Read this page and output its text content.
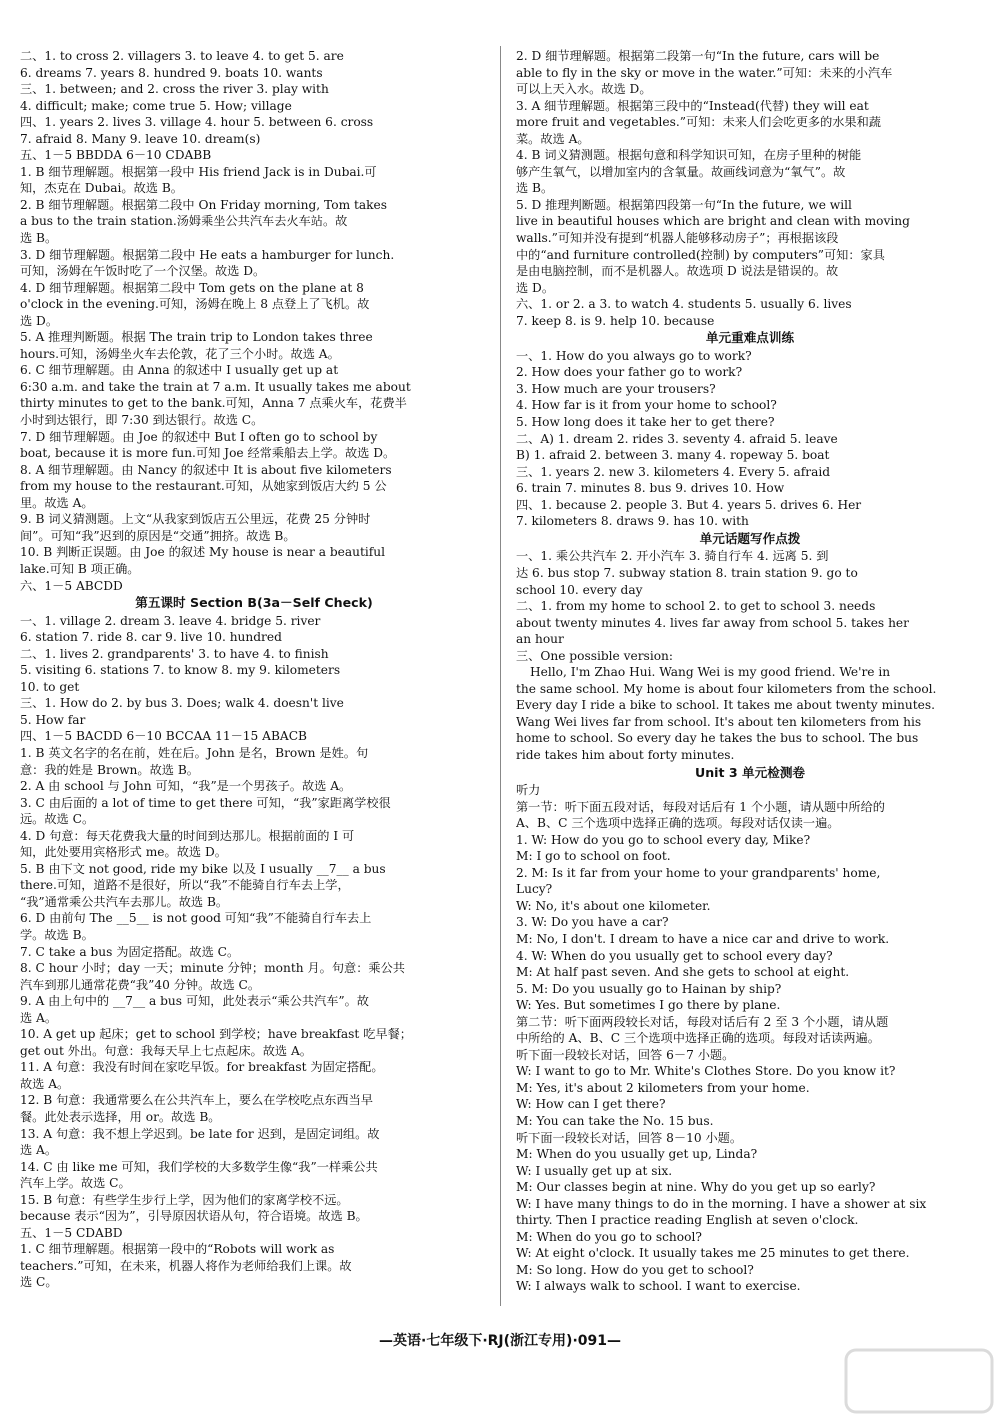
二、1. to cross 2. villagers 3. to leave 4. to get 5. are
6. dreams 7. years 8. hundred 9. boats 10. wants
三、1. between; and 2. cross the river 3. play with
4. difficult; make; come true 5. How; village
四、1. years 2. lives 3. village 4. hour 5. between 6. cross
7. afraid 8. Many 9. leave 10. dream(s)
五、1－5 BBDDA 6－10 CDABB
1. B 细节理解题。根据第一段中 His friend Jack is in Dubai.可
知，杰克在 Dubai。故选 B。
2. B 细节理解题。根据第二段中 On Friday morning, Tom takes
a bus to the train station.汤姆乘坐公共汽车去火车站。故
选 B。
3. D 细节理解题。根据第二段中 He eats a hamburger for lunch.
可知，汤姆在午饭时吃了一个汉堡。故选 D。
4. D 细节理解题。根据第二段中 Tom gets on the plane at 8
o'clock in the evening.可知，汤姆在晚上 8 点登上了飞机。故
选 D。
5. A 推理判断题。根据 The train trip to London takes three
hours.可知，汤姆坐火车去伦敦，花了三个小时。故选 A。
6. C 细节理解题。由 Anna 的叙述中 I usually get up at
6:30 a.m. and take the train at 7 a.m. It usually takes me about
thirty minutes to get to the bank.可知，Anna 7 点乘火车，花费半
小时到达银行，即 7:30 到达银行。故选 C。
7. D 细节理解题。由 Joe 的叙述中 But I often go to school by
boat, because it is more fun.可知 Joe 经常乘船去上学。故选 D。
8. A 细节理解题。由 Nancy 的叙述中 It is about five kilometers
from my house to the restaurant.可知，从她家到饭店大约 5 公
里。故选 A。
9. B 词义猜测题。上文“从我家到饭店五公里远，花费 25 分钟时
间”。可知“我”迟到的原因是“交通”拥挤。故选 B。
10. B 判断正误题。由 Joe 的叙述 My house is near a beautiful
lake.可知 B 项正确。
六、1－5 ABCDD
第五课时 Section B(3a－Self Check)
一、1. village 2. dream 3. leave 4. bridge 5. river
6. station 7. ride 8. car 9. live 10. hundred
二、1. lives 2. grandparents' 3. to have 4. to finish
5. visiting 6. stations 7. to know 8. my 9. kilometers
10. to get
三、1. How do 2. by bus 3. Does; walk 4. doesn't live
5. How far
四、1－5 BACDD 6－10 BCCAA 11－15 ABACB
1. B 英文名字的名在前，姓在后。John 是名，Brown 是姓。句
意：我的姓是 Brown。故选 B。
2. A 由 school 与 John 可知，“我”是一个男孩子。故选 A。
3. C 由后面的 a lot of time to get there 可知，“我”家距离学校很
远。故选 C。
4. D 句意：每天花费我大量的时间到达那儿。根据前面的 I 可
知，此处要用宾格形式 me。故选 D。
5. B 由下文 not good, ride my bike 以及 I usually __7__ a bus
there.可知，道路不是很好，所以“我”不能骑自行车去上学，
“我”通常乘公共汽车去那儿。故选 B。
6. D 由前句 The __5__ is not good 可知“我”不能骑自行车去上
学。故选 B。
7. C take a bus 为固定搭配。故选 C。
8. C hour 小时；day 一天；minute 分钟；month 月。句意：乘公共
汽车到那儿通常花费“我”40 分钟。故选 C。
9. A 由上句中的 __7__ a bus 可知，此处表示“乘公共汽车”。故
选 A。
10. A get up 起床；get to school 到学校；have breakfast 吃早餐；
get out 外出。句意：我每天早上七点起床。故选 A。
11. A 句意：我没有时间在家吃早饭。for breakfast 为固定搭配。
故选 A。
12. B 句意：我通常要么在公共汽车上，要么在学校吃点东西当早
餐。此处表示选择，用 or。故选 B。
13. A 句意：我不想上学迟到。be late for 迟到，是固定词组。故
选 A。
14. C 由 like me 可知，我们学校的大多数学生像“我”一样乘公共
汽车上学。故选 C。
15. B 句意：有些学生步行上学，因为他们的家离学校不远。
because 表示“因为”，引导原因状语从句，符合语境。故选 B。
五、1－5 CDABD
1. C 细节理解题。根据第一段中的“Robots will work as
teachers.”可知，在未来，机器人将作为老师给我们上课。故
选 C。
2. D 细节理解题。根据第二段第一句“In the future, cars will be
able to fly in the sky or move in the water.”可知：未来的小汽车
可以上天入水。故选 D。
3. A 细节理解题。根据第三段中的“Instead(代替) they will eat
more fruit and vegetables.”可知：未来人们会吃更多的水果和蔬
菜。故选 A。
4. B 词义猜测题。根据句意和科学知识可知，在房子里种的树能
够产生氧气，以增加室内的含氧量。故画线词意为“氧气”。故
选 B。
5. D 推理判断题。根据第四段第一句“In the future, we will
live in beautiful houses which are bright and clean with moving
walls.”可知并没有提到“机器人能够移动房子”；再根据该段
中的“and furniture controlled(控制) by computers”可知：家具
是由电脑控制，而不是机器人。故选项 D 说法是错误的。故
选 D。
六、1. or 2. a 3. to watch 4. students 5. usually 6. lives
7. keep 8. is 9. help 10. because
单元重难点训练
一、1. How do you always go to work?
2. How does your father go to work?
3. How much are your trousers?
4. How far is it from your home to school?
5. How long does it take her to get there?
二、A) 1. dream 2. rides 3. seventy 4. afraid 5. leave
B) 1. afraid 2. between 3. many 4. ropeway 5. boat
三、1. years 2. new 3. kilometers 4. Every 5. afraid
6. train 7. minutes 8. bus 9. drives 10. How
四、1. because 2. people 3. But 4. years 5. drives 6. Her
7. kilometers 8. draws 9. has 10. with
单元话题写作点拨
一、1. 乘公共汽车 2. 开小汽车 3. 骑自行车 4. 远离 5. 到
达 6. bus stop 7. subway station 8. train station 9. go to
school 10. every day
二、1. from my home to school 2. to get to school 3. needs
about twenty minutes 4. lives far away from school 5. takes her
an hour
三、One possible version:
Hello, I'm Zhao Hui. Wang Wei is my good friend. We're in
the same school. My home is about four kilometers from the school.
Every day I ride a bike to school. It takes me about twenty minutes.
Wang Wei lives far from school. It's about ten kilometers from his
home to school. So every day he takes the bus to school. The bus
ride takes him about forty minutes.
Unit 3 单元检测卷
听力
第一节：听下面五段对话，每段对话后有 1 个小题，请从题中所给的
A、B、C 三个选项中选择正确的选项。每段对话仅读一遍。
1. W: How do you go to school every day, Mike?
M: I go to school on foot.
2. M: Is it far from your home to your grandparents' home,
Lucy?
W: No, it's about one kilometer.
3. W: Do you have a car?
M: No, I don't. I dream to have a nice car and drive to work.
4. W: When do you usually get to school every day?
M: At half past seven. And she gets to school at eight.
5. M: Do you usually go to Hainan by ship?
W: Yes. But sometimes I go there by plane.
第二节：听下面两段较长对话，每段对话后有 2 至 3 个小题，请从题
中所给的 A、B、C 三个选项中选择正确的选项。每段对话读两遍。
听下面一段较长对话，回答 6－7 小题。
W: I want to go to Mr. White's Clothes Store. Do you know it?
M: Yes, it's about 2 kilometers from your home.
W: How can I get there?
M: You can take the No. 15 bus.
听下面一段较长对话，回答 8－10 小题。
M: When do you usually get up, Linda?
W: I usually get up at six.
M: Our classes begin at nine. Why do you get up so early?
W: I have many things to do in the morning. I have a shower at six
thirty. Then I practice reading English at seven o'clock.
M: When do you go to school?
W: At eight o'clock. It usually takes me 25 minutes to get there.
M: So long. How do you get to school?
W: I always walk to school. I want to exercise.
—英语·七年级下·RJ(浙江专用)·091—
